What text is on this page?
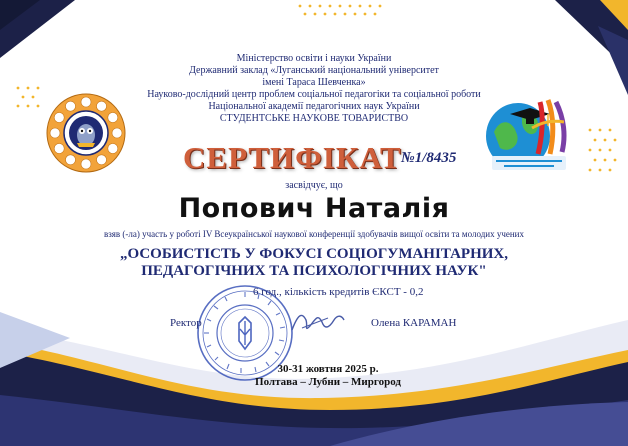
Міністерство освіти і науки України
Державний заклад «Луганський національний університет
імені Тараса Шевченка»
Науково-дослідний центр проблем соціальної педагогіки та соціальної роботи
Національної академії педагогічних наук України
СТУДЕНТСЬКЕ НАУКОВЕ ТОВАРИСТВО
СЕРТИФІКАТ №1/8435
засвідчує, що
Попович Наталія
взяв (-ла) участь у роботі IV Всеукраїнської наукової конференції здобувачів вищої освіти та молодих учених
„ОСОБИСТІСТЬ У ФОКУСІ СОЦІОГУМАНІТАРНИХ,
ПЕДАГОГІЧНИХ ТА ПСИХОЛОГІЧНИХ НАУК"
6 год., кількість кредитів ЄКСТ - 0,2
Ректор	Олена КАРАМАН
30-31 жовтня 2025 р.
Полтава – Лубни – Миргород
